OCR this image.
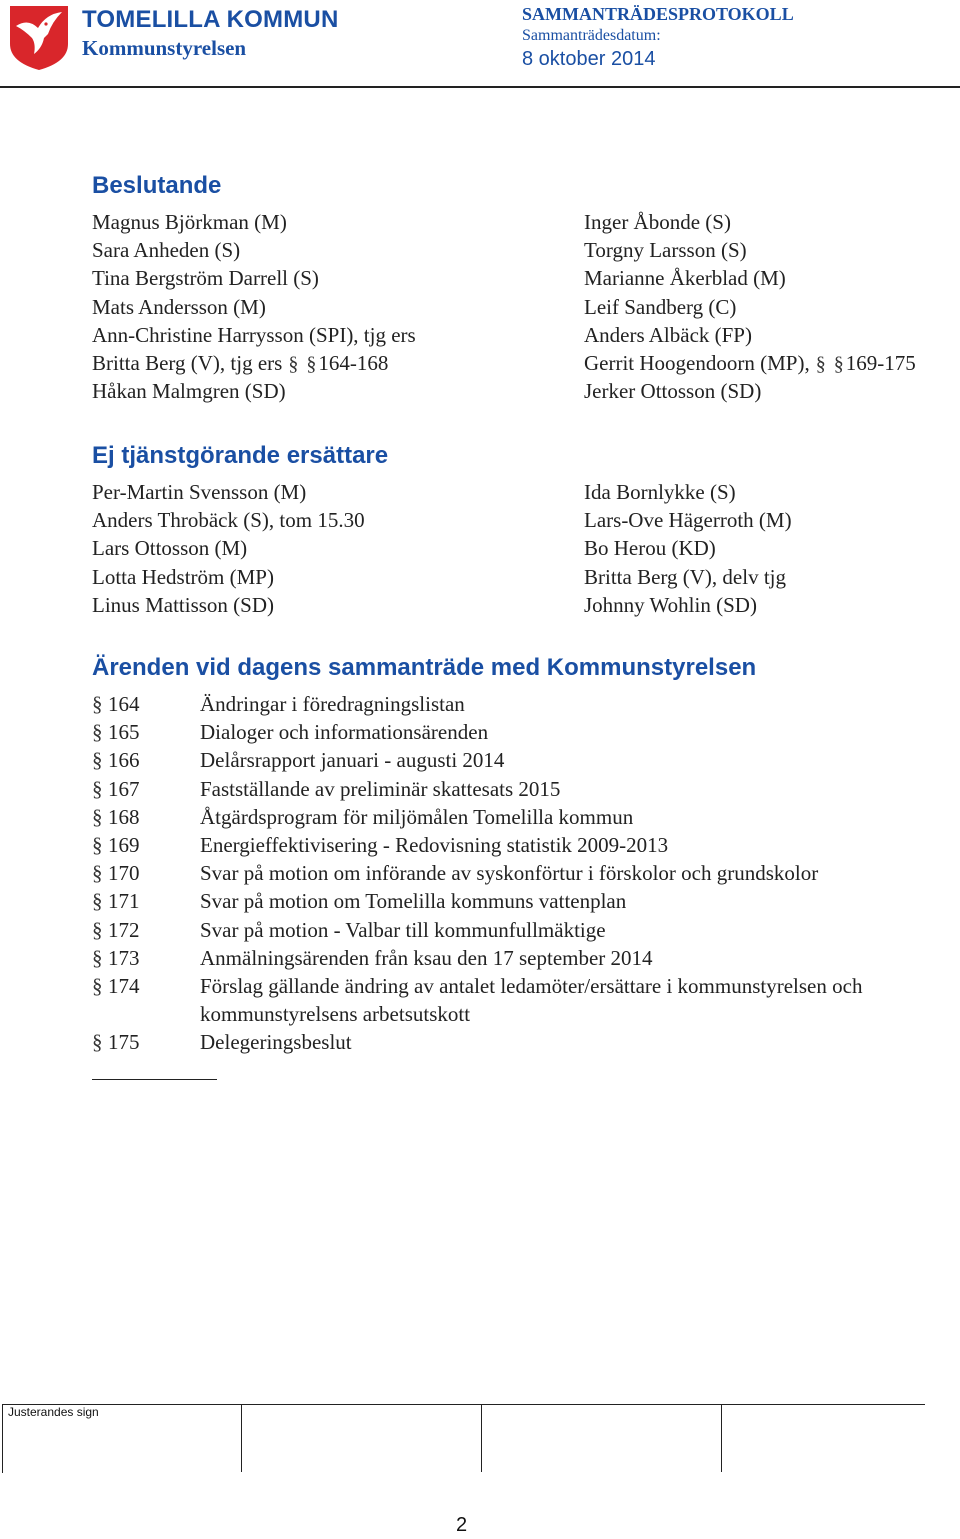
TOMELILLA KOMMUN
Kommunstyrelsen
SAMMANTRÄDESPROTOKOLL
Sammanträdesdatum:
8 oktober 2014
Beslutande
Magnus Björkman (M)
Sara Anheden (S)
Tina Bergström Darrell (S)
Mats Andersson (M)
Ann-Christine Harrysson (SPI), tjg ers
Britta Berg (V), tjg ers § §164-168
Håkan Malmgren (SD)
Inger Åbonde (S)
Torgny Larsson (S)
Marianne Åkerblad (M)
Leif Sandberg (C)
Anders Albäck (FP)
Gerrit Hoogendoorn (MP), § §169-175
Jerker Ottosson (SD)
Ej tjänstgörande ersättare
Per-Martin Svensson (M)
Anders Throbäck (S), tom 15.30
Lars Ottosson (M)
Lotta Hedström (MP)
Linus Mattisson (SD)
Ida Bornlykke (S)
Lars-Ove Hägerroth (M)
Bo Herou (KD)
Britta Berg (V), delv tjg
Johnny Wohlin (SD)
Ärenden vid dagens sammanträde med Kommunstyrelsen
§ 164	Ändringar i föredragningslistan
§ 165	Dialoger och informationsärenden
§ 166	Delårsrapport januari - augusti 2014
§ 167	Fastställande av preliminär skattesats 2015
§ 168	Åtgärdsprogram för miljömålen Tomelilla kommun
§ 169	Energieffektivisering - Redovisning statistik 2009-2013
§ 170	Svar på motion om införande av syskonförtur i förskolor och grundskolor
§ 171	Svar på motion om Tomelilla kommuns vattenplan
§ 172	Svar på motion - Valbar till kommunfullmäktige
§ 173	Anmälningsärenden från ksau den 17 september 2014
§ 174	Förslag gällande ändring av antalet ledamöter/ersättare i kommunstyrelsen och kommunstyrelsens arbetsutskott
§ 175	Delegeringsbeslut
Justerandes sign
2
